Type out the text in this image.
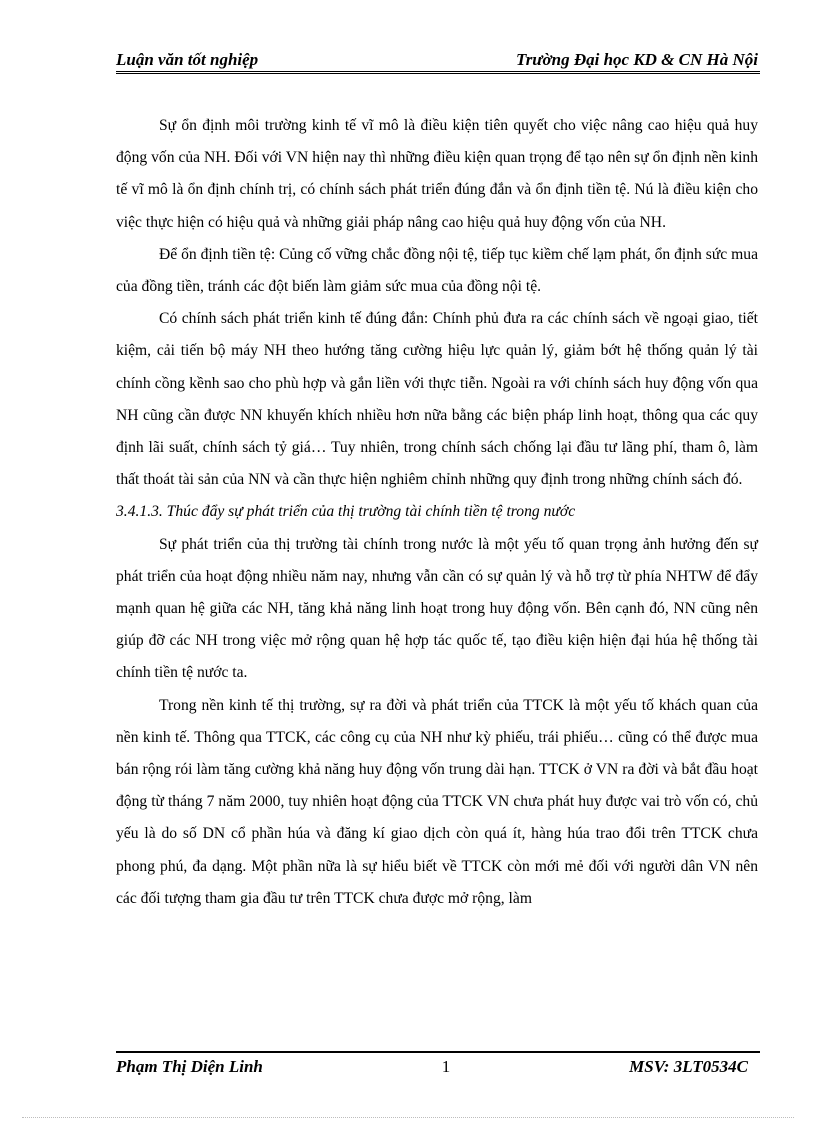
Luận văn tốt nghiệp	Trường Đại học KD & CN Hà Nội

Sự ổn định môi trường kinh tế vĩ mô là điều kiện tiên quyết cho việc nâng cao hiệu quả huy động vốn của NH. Đối với VN hiện nay thì những điều kiện quan trọng để tạo nên sự ổn định nền kinh tế vĩ mô là ổn định chính trị, có chính sách phát triển đúng đắn và ổn định tiền tệ. Nú là điều kiện cho việc thực hiện có hiệu quả và những giải pháp nâng cao hiệu quả huy động vốn của NH.

Để ổn định tiền tệ: Củng cố vững chắc đồng nội tệ, tiếp tục kiềm chế lạm phát, ổn định sức mua của đồng tiền, tránh các đột biến làm giảm sức mua của đồng nội tệ.

Có chính sách phát triển kinh tế đúng đắn: Chính phủ đưa ra các chính sách về ngoại giao, tiết kiệm, cải tiến bộ máy NH theo hướng tăng cường hiệu lực quản lý, giảm bớt hệ thống quản lý tài chính cồng kềnh sao cho phù hợp và gắn liền với thực tiễn. Ngoài ra với chính sách huy động vốn qua NH cũng cần được NN khuyến khích nhiều hơn nữa bằng các biện pháp linh hoạt, thông qua các quy định lãi suất, chính sách tỷ giá… Tuy nhiên, trong chính sách chống lại đầu tư lãng phí, tham ô, làm thất thoát tài sản của NN và cần thực hiện nghiêm chỉnh những quy định trong những chính sách đó.

3.4.1.3. Thúc đẩy sự phát triển của thị trường tài chính tiền tệ trong nước

Sự phát triển của thị trường tài chính trong nước là một yếu tố quan trọng ảnh hưởng đến sự phát triển của hoạt động nhiều năm nay, nhưng vẫn cần có sự quản lý và hỗ trợ từ phía NHTW để đẩy mạnh quan hệ giữa các NH, tăng khả năng linh hoạt trong huy động vốn. Bên cạnh đó, NN cũng nên giúp đỡ các NH trong việc mở rộng quan hệ hợp tác quốc tế, tạo điều kiện hiện đại húa hệ thống tài chính tiền tệ nước ta.

Trong nền kinh tế thị trường, sự ra đời và phát triển của TTCK là một yếu tố khách quan của nền kinh tế. Thông qua TTCK, các công cụ của NH như kỳ phiếu, trái phiếu… cũng có thể được mua bán rộng rói làm tăng cường khả năng huy động vốn trung dài hạn. TTCK ở VN ra đời và bắt đầu hoạt động từ tháng 7 năm 2000, tuy nhiên hoạt động của TTCK VN chưa phát huy được vai trò vốn có, chủ yếu là do số DN cổ phần húa và đăng kí giao dịch còn quá ít, hàng húa trao đổi trên TTCK chưa phong phú, đa dạng. Một phần nữa là sự hiểu biết về TTCK còn mới mẻ đối với người dân VN nên các đối tượng tham gia đầu tư trên TTCK chưa được mở rộng, làm

Phạm Thị Diện Linh	1	MSV: 3LT0534C
